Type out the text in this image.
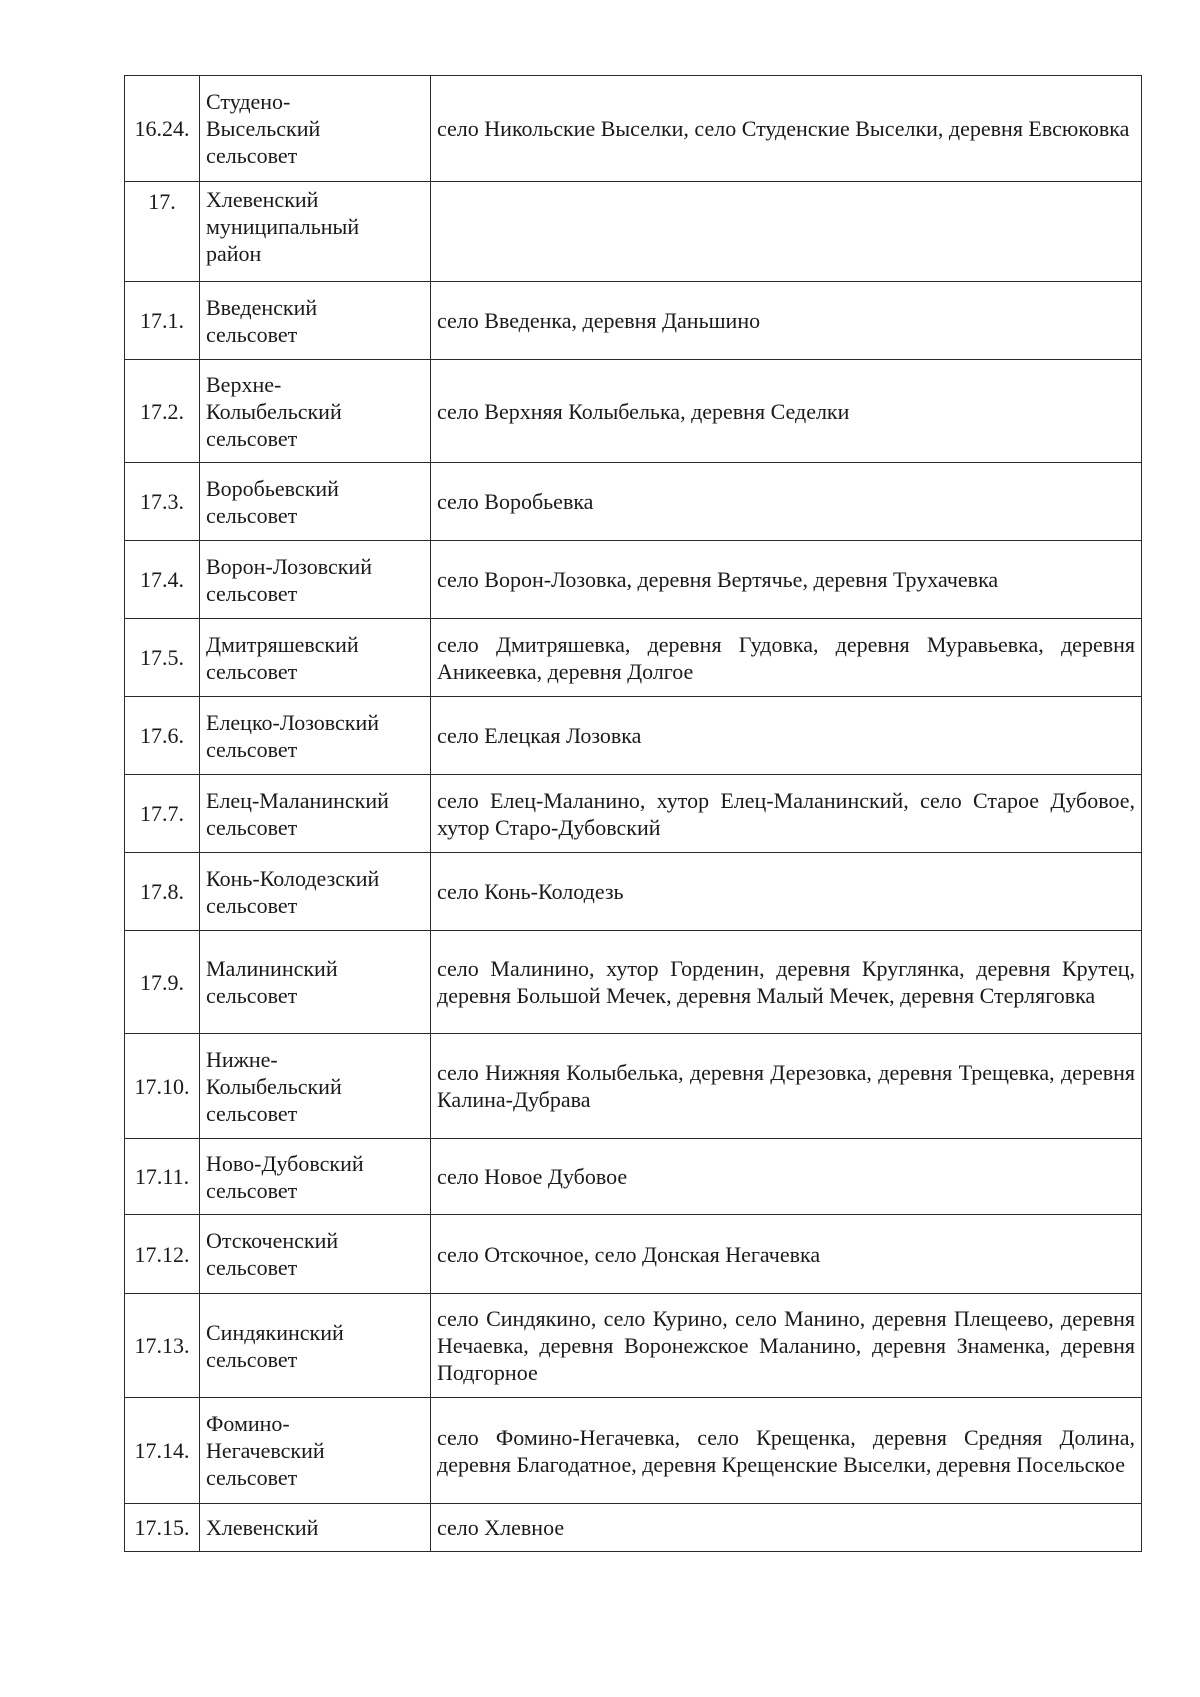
16.24.	Студено-
Высельский
сельсовет	село Никольские Выселки, село Студенские Выселки, деревня Евсюковка
17.	Хлевенский
муниципальный
район	
17.1.	Введенский
сельсовет	село Введенка, деревня Даньшино
17.2.	Верхне-
Колыбельский
сельсовет	село Верхняя Колыбелька, деревня Седелки
17.3.	Воробьевский
сельсовет	село Воробьевка
17.4.	Ворон-Лозовский
сельсовет	село Ворон-Лозовка, деревня Вертячье, деревня Трухачевка
17.5.	Дмитряшевский
сельсовет	село Дмитряшевка, деревня Гудовка, деревня Муравьевка, деревня Аникеевка, деревня Долгое
17.6.	Елецко-Лозовский
сельсовет	село Елецкая Лозовка
17.7.	Елец-Маланинский
сельсовет	село Елец-Маланино, хутор Елец-Маланинский, село Старое Дубовое, хутор Старо-Дубовский
17.8.	Конь-Колодезский
сельсовет	село Конь-Колодезь
17.9.	Малининский
сельсовет	село Малинино, хутор Горденин, деревня Круглянка, деревня Крутец, деревня Большой Мечек, деревня Малый Мечек, деревня Стерляговка
17.10.	Нижне-
Колыбельский
сельсовет	село Нижняя Колыбелька, деревня Дерезовка, деревня Трещевка, деревня Калина-Дубрава
17.11.	Ново-Дубовский
сельсовет	село Новое Дубовое
17.12.	Отскоченский
сельсовет	село Отскочное, село Донская Негачевка
17.13.	Синдякинский
сельсовет	село Синдякино, село Курино, село Манино, деревня Плещеево, деревня Нечаевка, деревня Воронежское Маланино, деревня Знаменка, деревня Подгорное
17.14.	Фомино-
Негачевский
сельсовет	село Фомино-Негачевка, село Крещенка, деревня Средняя Долина, деревня Благодатное, деревня Крещенские Выселки, деревня Посельское
17.15.	Хлевенский	село Хлевное
